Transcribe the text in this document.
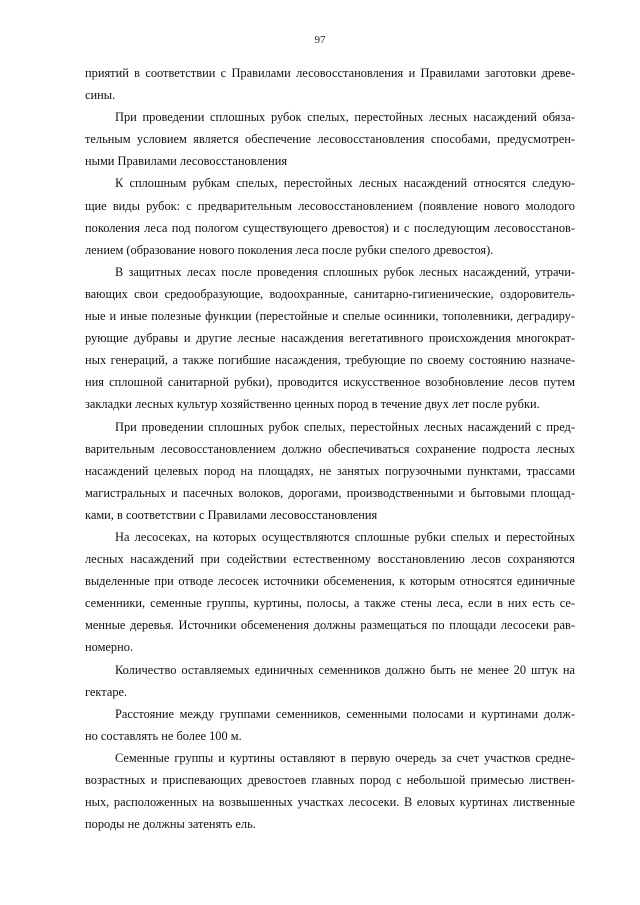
97
приятий в соответствии с Правилами лесовосстановления и Правилами заготовки древе-
сины.
При проведении сплошных рубок спелых, перестойных лесных насаждений обяза-
тельным условием является обеспечение лесовосстановления способами, предусмотрен-
ными Правилами лесовосстановления
К сплошным рубкам спелых, перестойных лесных насаждений относятся следую-
щие виды рубок: с предварительным лесовосстановлением (появление нового молодого
поколения леса под пологом существующего древостоя) и с последующим лесовосстанов-
лением (образование нового поколения леса после рубки спелого древостоя).
В защитных лесах после проведения сплошных рубок лесных насаждений, утрачи-
вающих свои средообразующие, водоохранные, санитарно-гигиенические, оздоровитель-
ные и иные полезные функции (перестойные и спелые осинники, тополевники, деградиру-
рующие дубравы и другие лесные насаждения вегетативного происхождения многократ-
ных генераций, а также погибшие насаждения, требующие по своему состоянию назначе-
ния сплошной санитарной рубки), проводится искусственное возобновление лесов путем
закладки лесных культур хозяйственно ценных пород в течение двух лет после рубки.
При проведении сплошных рубок спелых, перестойных лесных насаждений с пред-
варительным лесовосстановлением должно обеспечиваться сохранение подроста лесных
насаждений целевых пород на площадях, не занятых погрузочными пунктами, трассами
магистральных и пасечных волоков, дорогами, производственными и бытовыми площад-
ками, в соответствии с Правилами лесовосстановления
На лесосеках, на которых осуществляются сплошные рубки спелых и перестойных
лесных насаждений при содействии естественному восстановлению лесов сохраняются
выделенные при отводе лесосек источники обсеменения, к которым относятся единичные
семенники, семенные группы, куртины, полосы, а также стены леса, если в них есть се-
менные деревья. Источники обсеменения должны размещаться по площади лесосеки рав-
номерно.
Количество оставляемых единичных семенников должно быть не менее 20 штук на
гектаре.
Расстояние между группами семенников, семенными полосами и куртинами долж-
но составлять не более 100 м.
Семенные группы и куртины оставляют в первую очередь за счет участков средне-
возрастных и приспевающих древостоев главных пород с небольшой примесью листвен-
ных, расположенных на возвышенных участках лесосеки. В еловых куртинах лиственные
породы не должны затенять ель.
